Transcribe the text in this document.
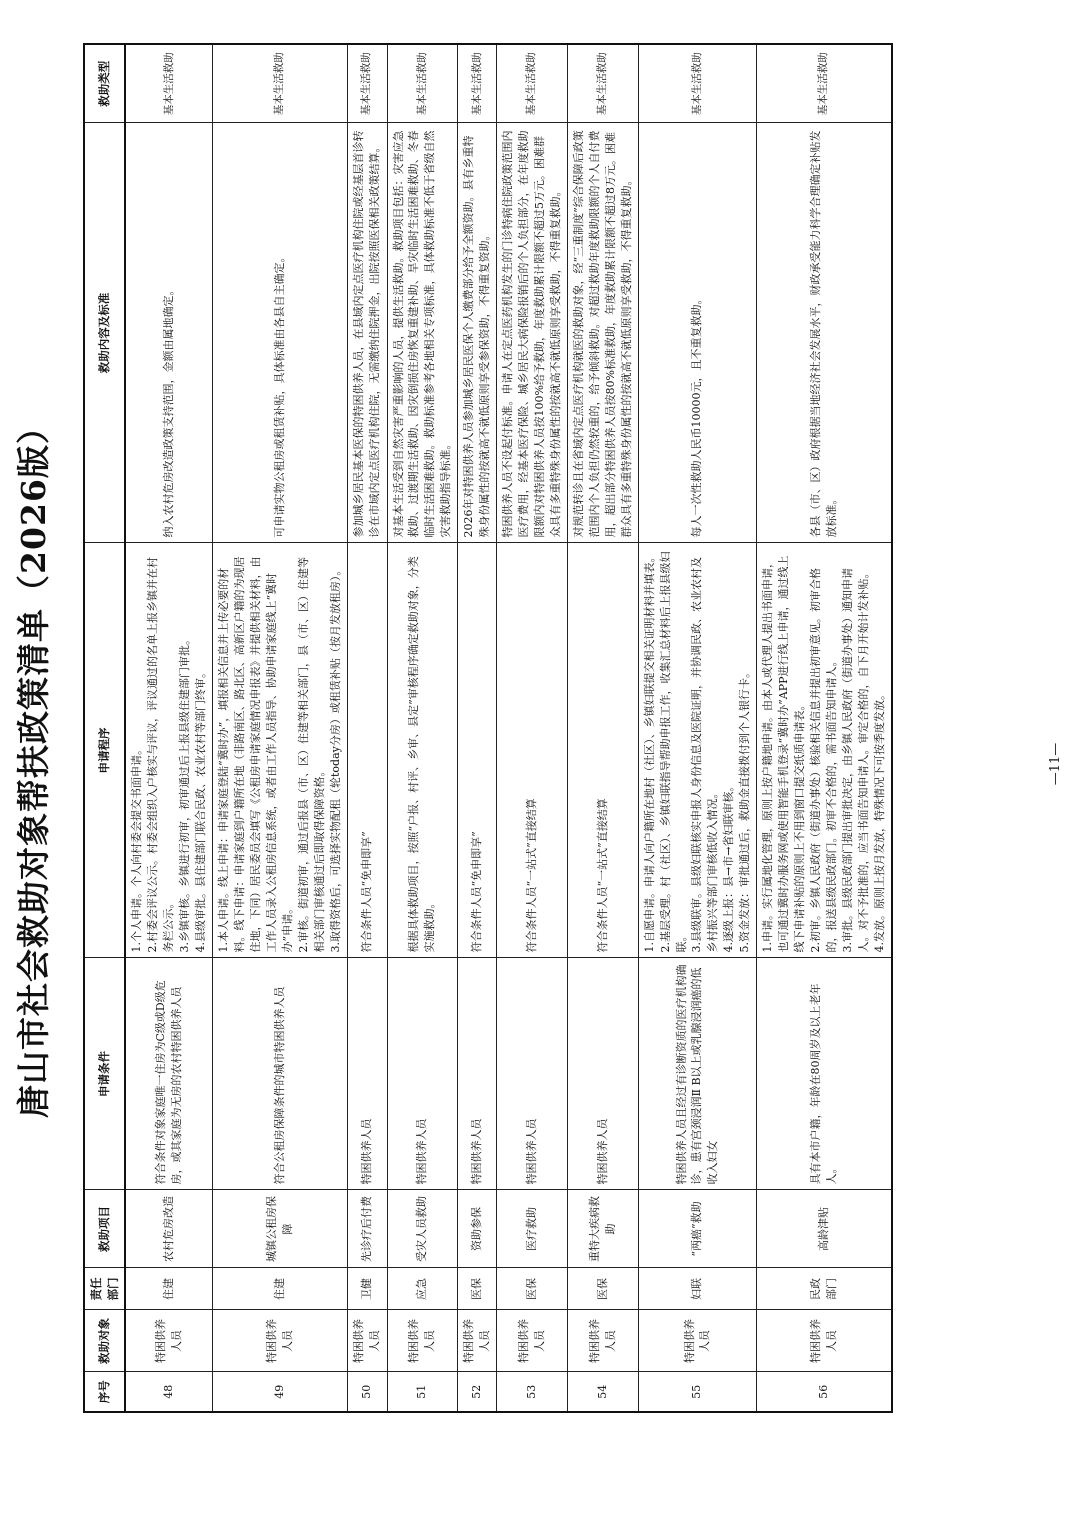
唐山市社会救助对象帮扶政策清单（2026版）
序号	救助对象	责任部门	救助项目	申请条件	申请程序	救助内容及标准	救助类型
48	特困供养人员	住建	农村危房改造	符合条件对象家庭唯一住房为C级或D级危房，或其家庭为无房的农村特困供养人员	1.个人申请。个人向村委会提交书面申请。
2.村委会评议公示。村委会组织入户核实与评议，评议通过的名单上报乡镇并在村务栏公示。
3.乡镇审核。乡镇进行初审，初审通过后上报县级住建部门审批。
4.县级审批。县住建部门联合民政、农业农村等部门终审。	纳入农村危房改造政策支持范围，金额由属地确定。	基本生活救助
49	特困供养人员	住建	城镇公租房保障	符合公租房保障条件的城市特困供养人员	1.本人申请。线上申请：申请家庭登陆“冀时办”，填报相关信息并上传必要的材料。线下申请：申请家庭到户籍所在地（非路南区、路北区、高新区户籍的为现居住地，下同）居民委员会填写《公租房申请家庭情况申报表》并提供相关材料，由工作人员录入公租房信息系统，或者由工作人员指导、协助申请家庭线上“冀时办”申请。
2.审核。街道初审，通过后报县（市、区）住建等相关部门，县（市、区）住建等相关部门审核通过后即取得保障资格。
3.取得资格后，可选择实物配租（轮today分房）或租赁补贴（按月发放租房）。	可申请实物公租房或租赁补贴，具体标准由各县自主确定。	基本生活救助
50	特困供养人员	卫健	先诊疗后付费	特困供养人员	符合条件人员“免申即享”	参加城乡居民基本医保的特困供养人员，在县域内定点医疗机构住院或经基层首诊转诊在市域内定点医疗机构住院，无需缴纳住院押金，出院按照医保相关政策结算。	基本生活救助
51	特困供养人员	应急	受灾人员救助	特困供养人员	根据具体救助项目，按照“户报、村评、乡审、县定”审核程序确定救助对象，分类实施救助。	对基本生活受到自然灾害严重影响的人员，提供生活救助。救助项目包括：灾害应急救助、过渡期生活救助、因灾倒损住房恢复重建补助、旱灾临时生活困难救助、冬春临时生活困难救助。救助标准参考各地相关专项标准，具体救助标准不低于省级自然灾害救助指导标准。	基本生活救助
52	特困供养人员	医保	资助参保	特困供养人员	符合条件人员“免申即享”	2026年对特困供养人员参加城乡居民医保个人缴费部分给予全额资助。县有乡重特殊身份属性的按就高不就低原则享受参保资助，不得重复资助。	基本生活救助
53	特困供养人员	医保	医疗救助	特困供养人员	符合条件人员“一站式”直接结算	特困供养人员不设起付标准。申请人在定点医药机构发生的门诊特病住院政策范围内医疗费用，经基本医疗保险、城乡居民大病保险报销后的个人负担部分，在年度救助限额内对特困供养人员按100%给予救助，年度救助累计限额不超过5万元。困难群众具有多重特殊身份属性的按就高不就低原则享受救助，不得重复救助。	基本生活救助
54	特困供养人员	医保	重特大疾病救助	特困供养人员	符合条件人员“一站式”直接结算	对规范转诊且在省域内定点医疗机构就医的救助对象，经“三重制度”综合保障后政策范围内个人负担仍然较重的，给予倾斜救助。对超过救助年度救助限额的个人自付费用，超出部分特困供养人员按80%标准救助，年度救助累计限额不超过8万元。困难群众具有多重特殊身份属性的按就高不就低原则享受救助，不得重复救助。	基本生活救助
55	特困供养人员	妇联	“两癌”救助	特困供养人员且经过有诊断资质的医疗机构确诊，患有宫颈浸润Ⅱ B以上或乳腺浸润癌的低收入妇女	1.自愿申请。申请人向户籍所在地村（社区）、乡镇妇联提交相关证明材料并填表。
2.基层受理。村（社区）、乡镇妇联指导帮助申报工作，收集汇总材料后上报县级妇联。
3.县级联审。县级妇联核实申报人身份信息及医院证明，并协调民政、农业农村及乡村振兴等部门审核低收入情况。
4.逐级上报：县→市→省妇联审核。
5.资金发放：审批通过后，救助金直接拨付到个人银行卡。	每人一次性救助人民币10000元，且不重复救助。	基本生活救助
56	特困供养人员	民政部门	高龄津贴	具有本市户籍，年龄在80周岁及以上老年人。	1.申请。实行属地化管理，原则上按户籍地申请。由本人或代理人提出书面申请，也可通过冀时办服务网或使用智能手机登录“冀时办”APP进行线上申请，通过线上线下申请补贴的原则上不用到窗口提交纸质申请表。
2.初审。乡镇人民政府（街道办事处）核验相关信息并提出初审意见。初审合格的，报送县级民政部门。初审不合格的，需书面告知申请人。
3.审批。县级民政部门提出审批决定，由乡镇人民政府（街道办事处）通知申请人。对不予批准的，应当书面告知申请人。审定合格的，自下月开始计发补贴。
4.发放。原则上按月发放，特殊情况下可按季度发放。	各县（市、区）政府根据当地经济社会发展水平，财政承受能力科学合理确定补贴发放标准。	基本生活救助
—11—
